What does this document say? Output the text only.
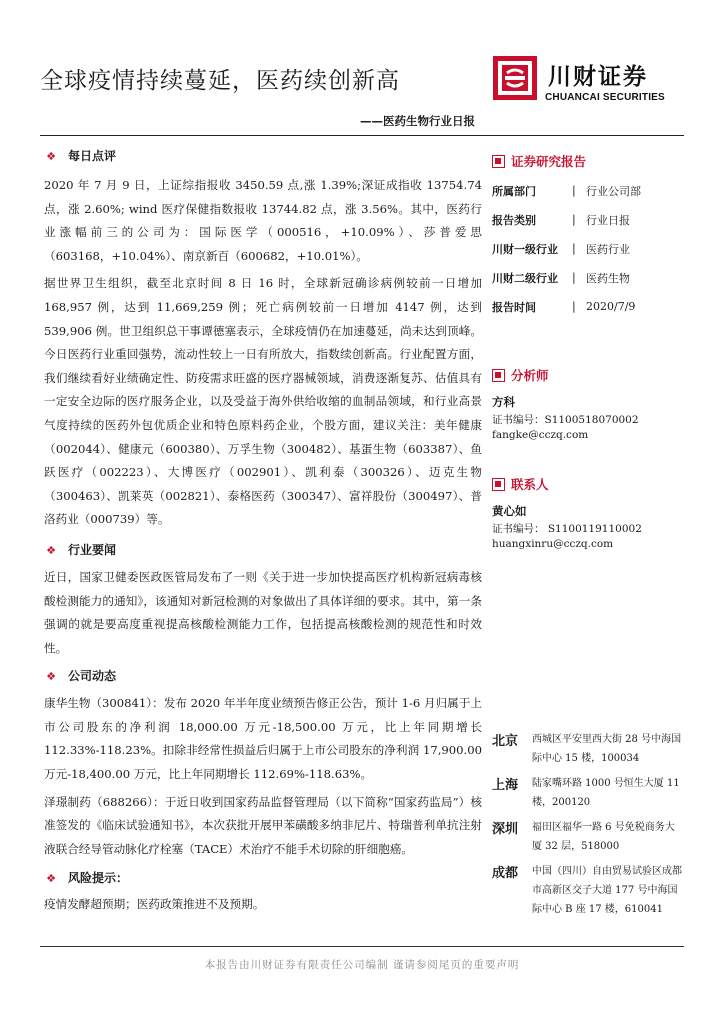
全球疫情持续蔓延，医药续创新高	川财证券
CHUANCAI SECURITIES
——医药生物行业日报
❖ 每日点评

2020 年 7 月 9 日，上证综指报收 3450.59 点,涨 1.39%;深证成指收 13754.74 点，涨 2.60%; wind 医疗保健指数报收 13744.82 点，涨 3.56%。其中，医药行业涨幅前三的公司为：国际医学（000516，+10.09%）、莎普爱思（603168，+10.04%）、南京新百（600682，+10.01%）。

据世界卫生组织，截至北京时间 8 日 16 时，全球新冠确诊病例较前一日增加 168,957 例，达到 11,669,259 例；死亡病例较前一日增加 4147 例，达到 539,906 例。世卫组织总干事谭德塞表示，全球疫情仍在加速蔓延，尚未达到顶峰。今日医药行业重回强势，流动性较上一日有所放大，指数续创新高。行业配置方面，我们继续看好业绩确定性、防疫需求旺盛的医疗器械领域，消费逐渐复苏、估值具有一定安全边际的医疗服务企业，以及受益于海外供给收缩的血制品领域，和行业高景气度持续的医药外包优质企业和特色原料药企业，个股方面，建议关注：美年健康（002044）、健康元（600380）、万孚生物（300482）、基蛋生物（603387）、鱼跃医疗（002223）、大博医疗（002901）、凯利泰（300326）、迈克生物（300463）、凯莱英（002821）、泰格医药（300347）、富祥股份（300497）、普洛药业（000739）等。

❖ 行业要闻

近日，国家卫健委医政医管局发布了一则《关于进一步加快提高医疗机构新冠病毒核酸检测能力的通知》，该通知对新冠检测的对象做出了具体详细的要求。其中，第一条强调的就是要高度重视提高核酸检测能力工作，包括提高核酸检测的规范性和时效性。

❖ 公司动态

康华生物（300841）：发布 2020 年半年度业绩预告修正公告，预计 1-6 月归属于上市公司股东的净利润 18,000.00 万元-18,500.00 万元，比上年同期增长 112.33%-118.23%。扣除非经常性损益后归属于上市公司股东的净利润 17,900.00 万元-18,400.00 万元，比上年同期增长 112.69%-118.63%。

泽璟制药（688266）：于近日收到国家药品监督管理局（以下简称“国家药监局”）核准签发的《临床试验通知书》，本次获批开展甲苯磺酸多纳非尼片、特瑞普利单抗注射液联合经导管动脉化疗栓塞（TACE）术治疗不能手术切除的肝细胞癌。

❖ 风险提示：

疫情发酵超预期；医药政策推进不及预期。

证券研究报告
所属部门	| 行业公司部
报告类别	| 行业日报
川财一级行业	| 医药行业
川财二级行业	| 医药生物
报告时间	| 2020/7/9
分析师
方科
证书编号：S1100518070002
fangke@cczq.com
联系人
黄心如
证书编号： S1100119110002
huangxinru@cczq.com
北京	西城区平安里西大街 28 号中海国际中心 15 楼，100034
上海	陆家嘴环路 1000 号恒生大厦 11 楼，200120
深圳	福田区福华一路 6 号免税商务大厦 32 层，518000
成都	中国（四川）自由贸易试验区成都市高新区交子大道 177 号中海国际中心 B 座 17 楼，610041
本报告由川财证券有限责任公司编制 谨请参阅尾页的重要声明
